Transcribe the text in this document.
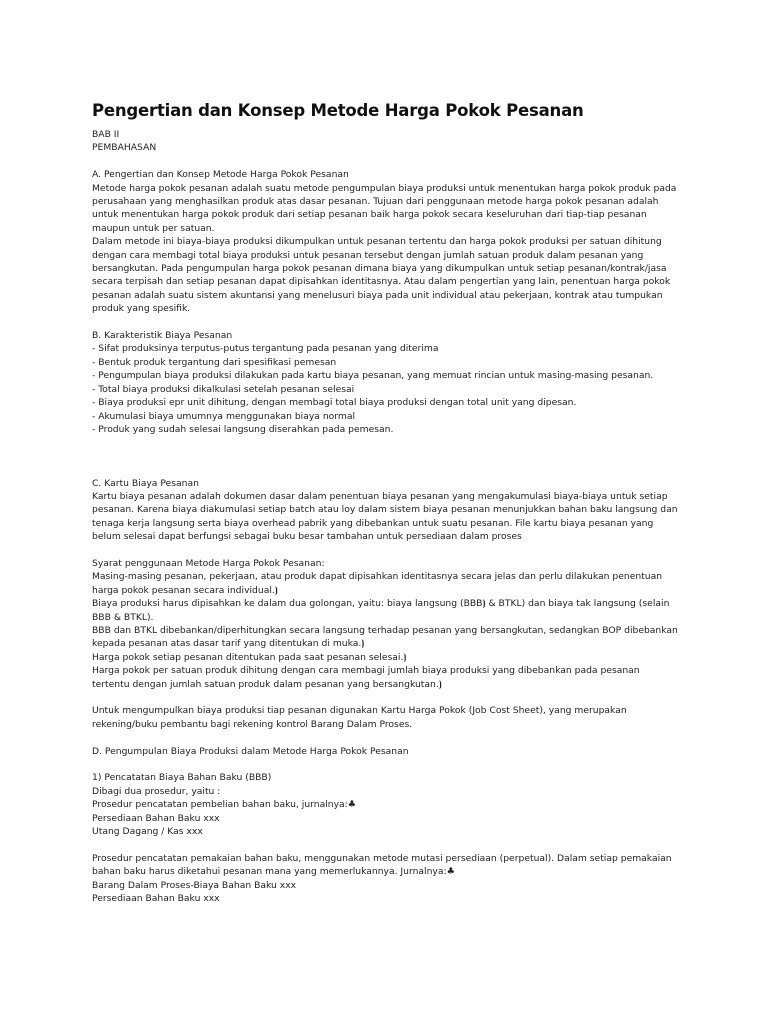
Pengertian dan Konsep Metode Harga Pokok Pesanan
BAB II
PEMBAHASAN
A. Pengertian dan Konsep Metode Harga Pokok Pesanan
Metode harga pokok pesanan adalah suatu metode pengumpulan biaya produksi untuk menentukan harga pokok produk pada
perusahaan yang menghasilkan produk atas dasar pesanan. Tujuan dari penggunaan metode harga pokok pesanan adalah
untuk menentukan harga pokok produk dari setiap pesanan baik harga pokok secara keseluruhan dari tiap-tiap pesanan
maupun untuk per satuan.
Dalam metode ini biaya-biaya produksi dikumpulkan untuk pesanan tertentu dan harga pokok produksi per satuan dihitung
dengan cara membagi total biaya produksi untuk pesanan tersebut dengan jumlah satuan produk dalam pesanan yang
bersangkutan. Pada pengumpulan harga pokok pesanan dimana biaya yang dikumpulkan untuk setiap pesanan/kontrak/jasa
secara terpisah dan setiap pesanan dapat dipisahkan identitasnya. Atau dalam pengertian yang lain, penentuan harga pokok
pesanan adalah suatu sistem akuntansi yang menelusuri biaya pada unit individual atau pekerjaan, kontrak atau tumpukan
produk yang spesifik.
B. Karakteristik Biaya Pesanan
- Sifat produksinya terputus-putus tergantung pada pesanan yang diterima
- Bentuk produk tergantung dari spesifikasi pemesan
- Pengumpulan biaya produksi dilakukan pada kartu biaya pesanan, yang memuat rincian untuk masing-masing pesanan.
- Total biaya produksi dikalkulasi setelah pesanan selesai
- Biaya produksi epr unit dihitung, dengan membagi total biaya produksi dengan total unit yang dipesan.
- Akumulasi biaya umumnya menggunakan biaya normal
- Produk yang sudah selesai langsung diserahkan pada pemesan.
C. Kartu Biaya Pesanan
Kartu biaya pesanan adalah dokumen dasar dalam penentuan biaya pesanan yang mengakumulasi biaya-biaya untuk setiap
pesanan. Karena biaya diakumulasi setiap batch atau loy dalam sistem biaya pesanan menunjukkan bahan baku langsung dan
tenaga kerja langsung serta biaya overhead pabrik yang dibebankan untuk suatu pesanan. File kartu biaya pesanan yang
belum selesai dapat berfungsi sebagai buku besar tambahan untuk persediaan dalam proses
Syarat penggunaan Metode Harga Pokok Pesanan:
Masing-masing pesanan, pekerjaan, atau produk dapat dipisahkan identitasnya secara jelas dan perlu dilakukan penentuan
harga pokok pesanan secara individual.⦘
Biaya produksi harus dipisahkan ke dalam dua golongan, yaitu: biaya langsung (BBB⦘ & BTKL) dan biaya tak langsung (selain
BBB & BTKL).
BBB dan BTKL dibebankan/diperhitungkan secara langsung terhadap pesanan yang bersangkutan, sedangkan BOP dibebankan
kepada pesanan atas dasar tarif yang ditentukan di muka.⦘
Harga pokok setiap pesanan ditentukan pada saat pesanan selesai.⦘
Harga pokok per satuan produk dihitung dengan cara membagi jumlah biaya produksi yang dibebankan pada pesanan
tertentu dengan jumlah satuan produk dalam pesanan yang bersangkutan.⦘
Untuk mengumpulkan biaya produksi tiap pesanan digunakan Kartu Harga Pokok (Job Cost Sheet), yang merupakan
rekening/buku pembantu bagi rekening kontrol Barang Dalam Proses.
D. Pengumpulan Biaya Produksi dalam Metode Harga Pokok Pesanan
1) Pencatatan Biaya Bahan Baku (BBB)
Dibagi dua prosedur, yaitu :
Prosedur pencatatan pembelian bahan baku, jurnalnya:♣
Persediaan Bahan Baku xxx
Utang Dagang / Kas xxx
Prosedur pencatatan pemakaian bahan baku, menggunakan metode mutasi persediaan (perpetual). Dalam setiap pemakaian
bahan baku harus diketahui pesanan mana yang memerlukannya. Jurnalnya:♣
Barang Dalam Proses-Biaya Bahan Baku xxx
Persediaan Bahan Baku xxx
